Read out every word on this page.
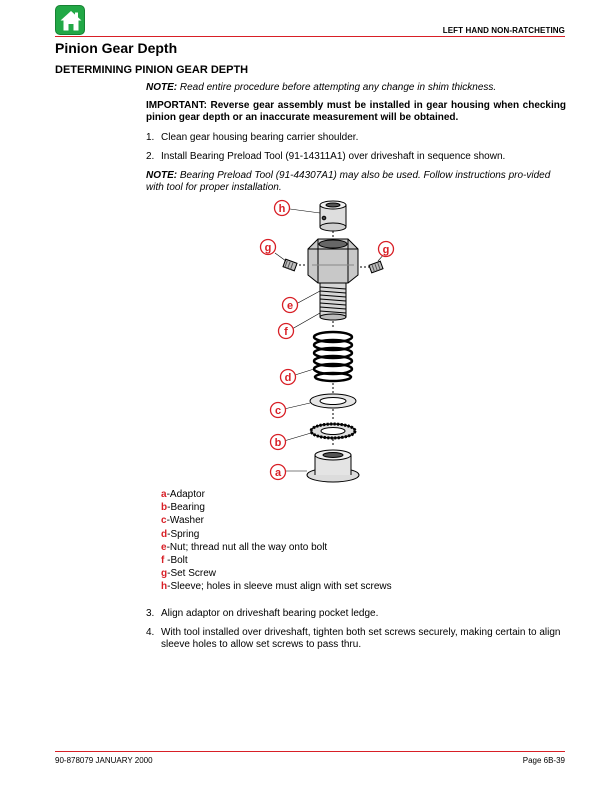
LEFT HAND NON-RATCHETING
Pinion Gear Depth
DETERMINING PINION GEAR DEPTH
NOTE: Read entire procedure before attempting any change in shim thickness.
IMPORTANT: Reverse gear assembly must be installed in gear housing when checking pinion gear depth or an inaccurate measurement will be obtained.
1. Clean gear housing bearing carrier shoulder.
2. Install Bearing Preload Tool (91-14311A1) over driveshaft in sequence shown.
NOTE: Bearing Preload Tool (91-44307A1) may also be used. Follow instructions pro-vided with tool for proper installation.
h
g	g
e
f
d
c
b
a
a-Adaptor
b-Bearing
c-Washer
d-Spring
e-Nut; thread nut all the way onto bolt
f -Bolt
g-Set Screw
h-Sleeve; holes in sleeve must align with set screws
3. Align adaptor on driveshaft bearing pocket ledge.
4. With tool installed over driveshaft, tighten both set screws securely, making certain to align sleeve holes to allow set screws to pass thru.
90-878079 JANUARY 2000	Page 6B-39
